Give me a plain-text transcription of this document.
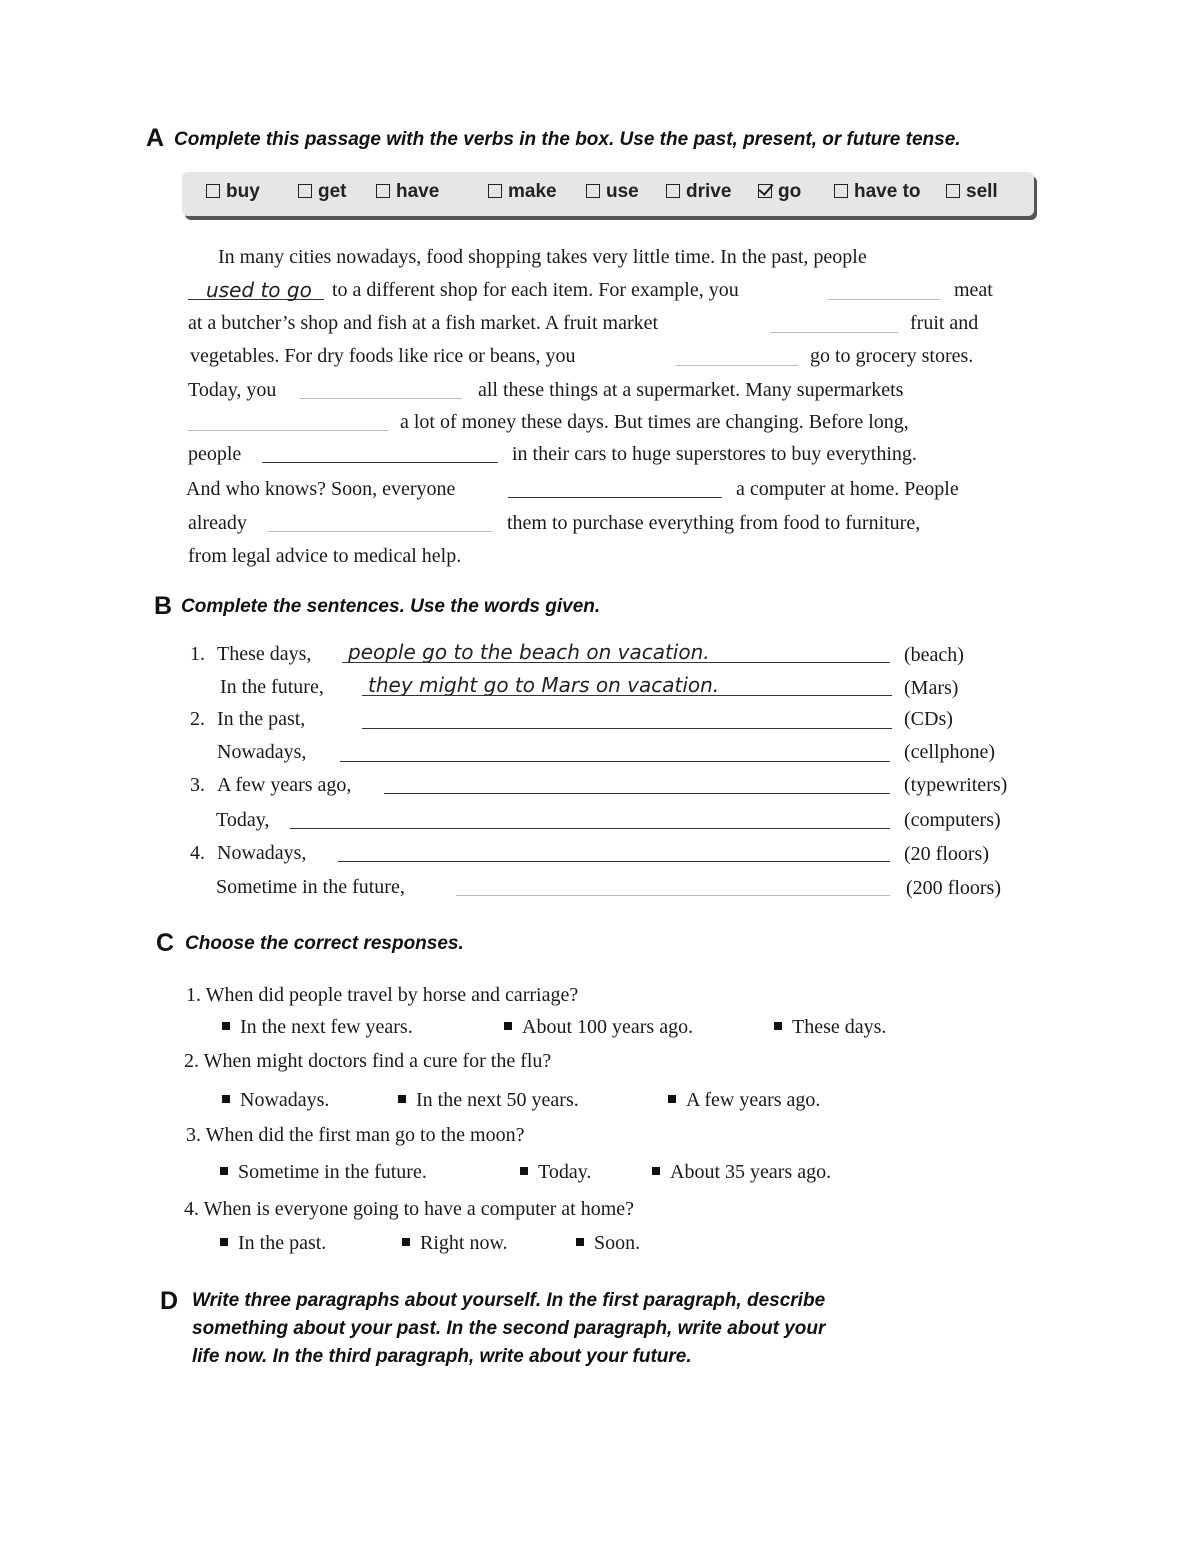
A Complete this passage with the verbs in the box. Use the past, present, or future tense.
buy	get	have	make	use	drive	go	have to	sell
In many cities nowadays, food shopping takes very little time. In the past, people
used to go to a different shop for each item. For example, you	meat
at a butcher’s shop and fish at a fish market. A fruit market	fruit and
vegetables. For dry foods like rice or beans, you	go to grocery stores.
Today, you	all these things at a supermarket. Many supermarkets
a lot of money these days. But times are changing. Before long,
people	in their cars to huge superstores to buy everything.
And who knows? Soon, everyone	a computer at home. People
already	them to purchase everything from food to furniture,
from legal advice to medical help.
B Complete the sentences. Use the words given.
1. These days, people go to the beach on vacation.	(beach)
In the future, they might go to Mars on vacation.	(Mars)
2. In the past,	(CDs)
Nowadays,	(cellphone)
3. A few years ago,	(typewriters)
Today,	(computers)
4. Nowadays,	(20 floors)
Sometime in the future,	(200 floors)
C Choose the correct responses.
1. When did people travel by horse and carriage?
In the next few years.	About 100 years ago.	These days.
2. When might doctors find a cure for the flu?
Nowadays.	In the next 50 years.	A few years ago.
3. When did the first man go to the moon?
Sometime in the future.	Today.	About 35 years ago.
4. When is everyone going to have a computer at home?
In the past.	Right now.	Soon.
D Write three paragraphs about yourself. In the first paragraph, describe
something about your past. In the second paragraph, write about your
life now. In the third paragraph, write about your future.
